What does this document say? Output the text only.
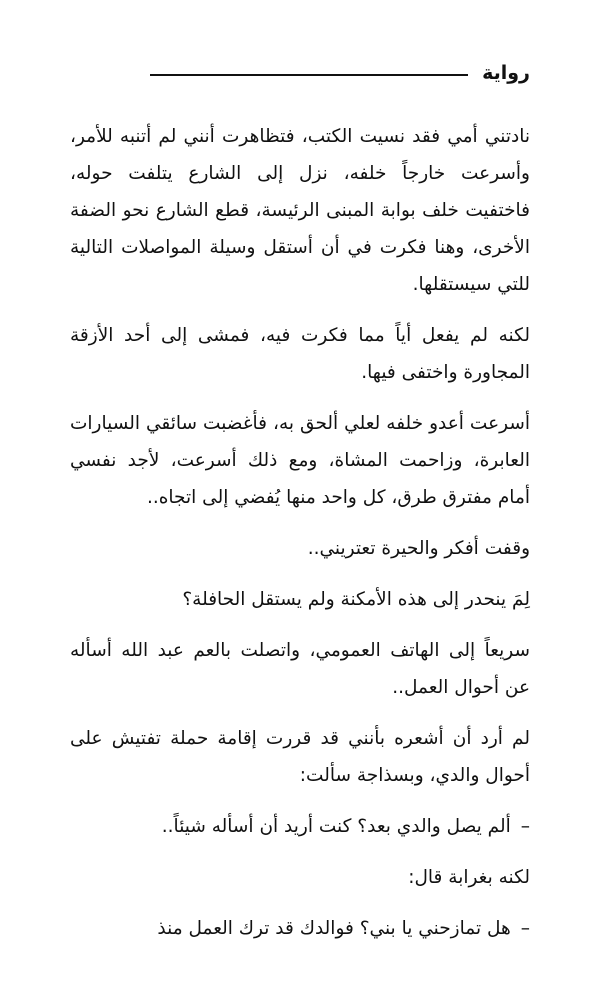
رواية

نادتني أمي فقد نسيت الكتب، فتظاهرت أنني لم أتنبه للأمر، وأسرعت خارجاً خلفه، نزل إلى الشارع يتلفت حوله، فاختفيت خلف بوابة المبنى الرئيسة، قطع الشارع نحو الضفة الأخرى، وهنا فكرت في أن أستقل وسيلة المواصلات التالية للتي سيستقلها.

لكنه لم يفعل أياً مما فكرت فيه، فمشى إلى أحد الأزقة المجاورة واختفى فيها.

أسرعت أعدو خلفه لعلي ألحق به، فأغضبت سائقي السيارات العابرة، وزاحمت المشاة، ومع ذلك أسرعت، لأجد نفسي أمام مفترق طرق، كل واحد منها يُفضي إلى اتجاه..

وقفت أفكر والحيرة تعتريني..

لِمَ ينحدر إلى هذه الأمكنة ولم يستقل الحافلة؟

سريعاً إلى الهاتف العمومي، واتصلت بالعم عبد الله أسأله عن أحوال العمل..

لم أرد أن أشعره بأنني قد قررت إقامة حملة تفتيش على أحوال والدي، وبسذاجة سألت:

–ألم يصل والدي بعد؟ كنت أريد أن أسأله شيئاً..

لكنه بغرابة قال:

–هل تمازحني يا بني؟ فوالدك قد ترك العمل منذ
